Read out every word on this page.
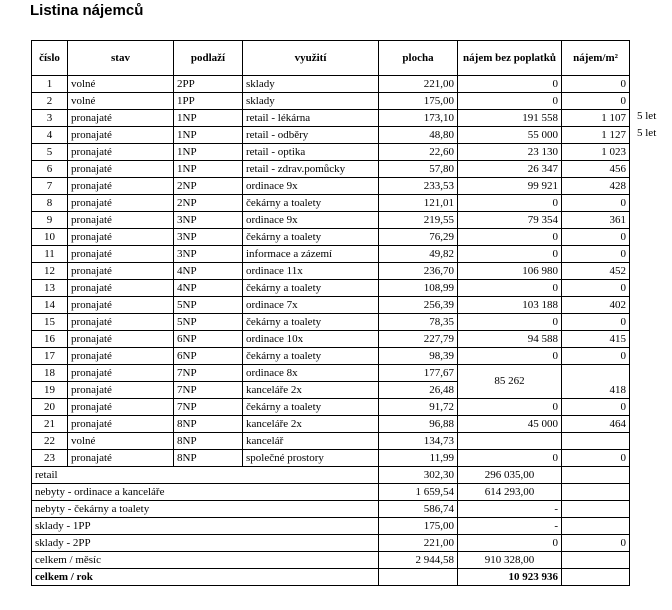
Listina nájemců
číslo	stav	podlaží	využití	plocha	nájem bez poplatků	nájem/m²
1	volné	2PP	sklady	221,00	0	0
2	volné	1PP	sklady	175,00	0	0
3	pronajaté	1NP	retail - lékárna	173,10	191 558	1 107
4	pronajaté	1NP	retail - odběry	48,80	55 000	1 127
5	pronajaté	1NP	retail - optika	22,60	23 130	1 023
6	pronajaté	1NP	retail - zdrav.pomůcky	57,80	26 347	456
7	pronajaté	2NP	ordinace 9x	233,53	99 921	428
8	pronajaté	2NP	čekárny a toalety	121,01	0	0
9	pronajaté	3NP	ordinace 9x	219,55	79 354	361
10	pronajaté	3NP	čekárny a toalety	76,29	0	0
11	pronajaté	3NP	informace a zázemí	49,82	0	0
12	pronajaté	4NP	ordinace 11x	236,70	106 980	452
13	pronajaté	4NP	čekárny a toalety	108,99	0	0
14	pronajaté	5NP	ordinace 7x	256,39	103 188	402
15	pronajaté	5NP	čekárny a toalety	78,35	0	0
16	pronajaté	6NP	ordinace 10x	227,79	94 588	415
17	pronajaté	6NP	čekárny a toalety	98,39	0	0
18	pronajaté	7NP	ordinace 8x	177,67	85 262	418
19	pronajaté	7NP	kanceláře 2x	26,48		
20	pronajaté	7NP	čekárny a toalety	91,72	0	0
21	pronajaté	8NP	kanceláře 2x	96,88	45 000	464
22	volné	8NP	kancelář	134,73		
23	pronajaté	8NP	společné prostory	11,99	0	0
retail				302,30	296 035,00	
nebyty - ordinace a kanceláře				1 659,54	614 293,00	
nebyty - čekárny a toalety				586,74	-	
sklady - 1PP				175,00	-	
sklady - 2PP				221,00	0	0
celkem / měsíc				2 944,58	910 328,00	
celkem / rok					10 923 936	
5 let
5 let
